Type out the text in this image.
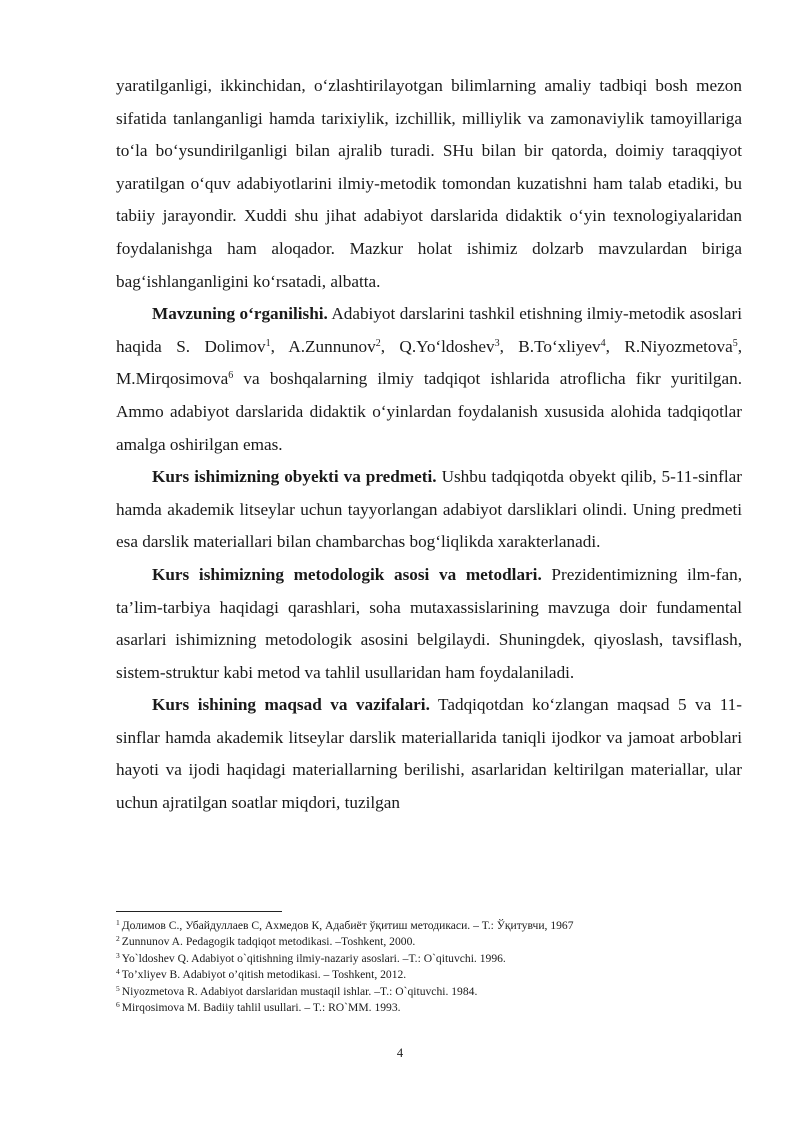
yaratilganligi, ikkinchidan, o‘zlashtirilayotgan bilimlarning amaliy tadbiqi bosh mezon sifatida tanlanganligi hamda tarixiylik, izchillik, milliylik va zamonaviylik tamoyillariga to‘la bo‘ysundirilganligi bilan ajralib turadi. SHu bilan bir qatorda, doimiy taraqqiyot yaratilgan o‘quv adabiyotlarini ilmiy-metodik tomondan kuzatishni ham talab etadiki, bu tabiiy jarayondir. Xuddi shu jihat adabiyot darslarida didaktik o‘yin texnologiyalaridan foydalanishga ham aloqador. Mazkur holat ishimiz dolzarb mavzulardan biriga bag‘ishlanganligini ko‘rsatadi, albatta.

Mavzuning o‘rganilishi. Adabiyot darslarini tashkil etishning ilmiy-metodik asoslari haqida S. Dolimov$^1$, A.Zunnunov$^2$, Q.Yo‘ldoshev$^3$, B.To‘xliyev$^4$, R.Niyozmetova$^5$, M.Mirqosimova$^6$ va boshqalarning ilmiy tadqiqot ishlarida atroflicha fikr yuritilgan. Ammo adabiyot darslarida didaktik o‘yinlardan foydalanish xususida alohida tadqiqotlar amalga oshirilgan emas.

Kurs ishimizning obyekti va predmeti. Ushbu tadqiqotda obyekt qilib, 5-11-sinflar hamda akademik litseylar uchun tayyorlangan adabiyot darsliklari olindi. Uning predmeti esa darslik materiallari bilan chambarchas bog‘liqlikda xarakterlanadi.

Kurs ishimizning metodologik asosi va metodlari. Prezidentimizning ilm-fan, ta’lim-tarbiya haqidagi qarashlari, soha mutaxassislarining mavzuga doir fundamental asarlari ishimizning metodologik asosini belgilaydi. Shuningdek, qiyoslash, tavsiflash, sistem-struktur kabi metod va tahlil usullaridan ham foydalaniladi.

Kurs ishining maqsad va vazifalari. Tadqiqotdan ko‘zlangan maqsad 5 va 11-sinflar hamda akademik litseylar darslik materiallarida taniqli ijodkor va jamoat arboblari hayoti va ijodi haqidagi materiallarning berilishi, asarlaridan keltirilgan materiallar, ular uchun ajratilgan soatlar miqdori, tuzilgan

$^1$ Долимов С., Убайдуллаев С, Ахмедов К, Адабиёт ўқитиш методикаси. – Т.: Ўқитувчи, 1967
$^2$ Zunnunov A. Pedagogik tadqiqot metodikasi. –Toshkent, 2000.
$^3$ Yo`ldoshev Q. Adabiyot o`qitishning ilmiy-nazariy asoslari. –T.: O`qituvchi. 1996.
$^4$ To’xliyev B. Adabiyot o’qitish metodikasi. – Toshkent, 2012.
$^5$ Niyozmetova R. Adabiyot darslaridan mustaqil ishlar. –T.: O`qituvchi. 1984.
$^6$ Mirqosimova M. Badiiy tahlil usullari. – T.: RO`MM. 1993.
4
